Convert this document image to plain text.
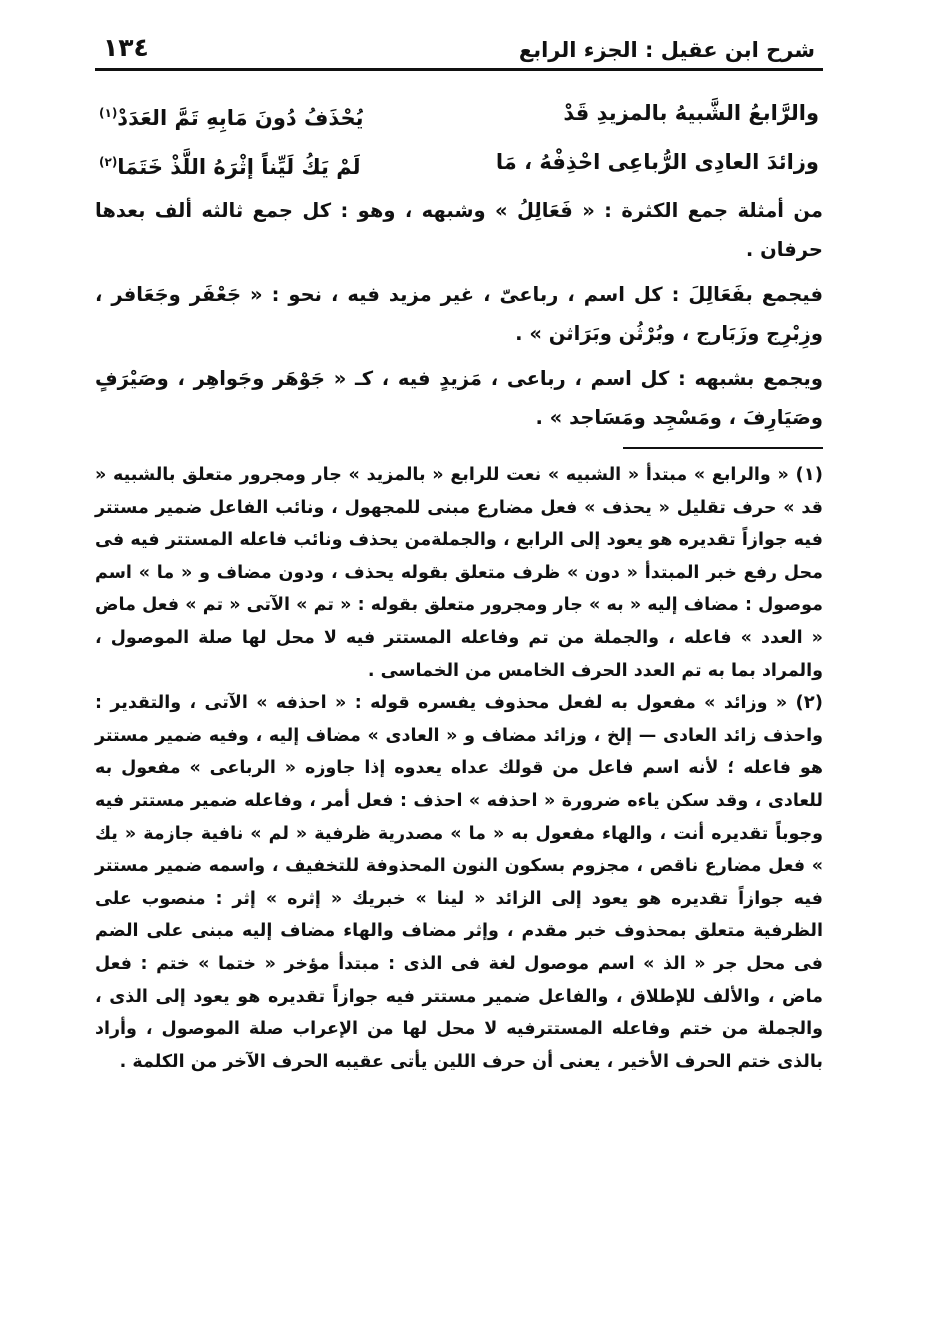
شرح ابن عقيل : الجزء الرابع
١٣٤
والرَّابعُ الشَّبيهُ بالمزيدِ قَدْ
يُحْذَفُ دُونَ مَابِهِ تَمَّ العَدَدْ$^{(١)}$
وزائدَ العادِى الرُّباعِى احْذِفْهُ ، مَا
لَمْ يَكُ لَيِّناً إثْرَهُ اللَّذْ خَتَمَا$^{(٢)}$

من أمثلة جمع الكثرة : « فَعَالِلُ » وشبهه ، وهو : كل جمع ثالثه ألف بعدها حرفان .

فيجمع بفَعَالِلَ : كل اسم ، رباعىّ ، غير مزيد فيه ، نحو : « جَعْفَر وجَعَافر ، وزِبْرِج وزَبَارج ، وبُرْثُن وبَرَاثن » .

ويجمع بشبهه : كل اسم ، رباعى ، مَزيدٍ فيه ، كـ « جَوْهَر وجَواهِر ، وصَيْرَفٍ وصَيَارِفَ ، ومَسْجِد ومَسَاجد » .

(١) « والرابع » مبتدأ « الشبيه » نعت للرابع « بالمزيد » جار ومجرور متعلق بالشبيه « قد » حرف تقليل « يحذف » فعل مضارع مبنى للمجهول ، ونائب الفاعل ضمير مستتر فيه جوازاً تقديره هو يعود إلى الرابع ، والجملةمن يحذف ونائب فاعله المستتر فيه فى محل رفع خبر المبتدأ « دون » ظرف متعلق بقوله يحذف ، ودون مضاف و « ما » اسم موصول : مضاف إليه « به » جار ومجرور متعلق بقوله : « تم » الآتى « تم » فعل ماض « العدد » فاعله ، والجملة من تم وفاعله المستتر فيه لا محل لها صلة الموصول ، والمراد بما به تم العدد الحرف الخامس من الخماسى .

(٢) « وزائد » مفعول به لفعل محذوف يفسره قوله : « احذفه » الآتى ، والتقدير : واحذف زائد العادى — إلخ ، وزائد مضاف و « العادى » مضاف إليه ، وفيه ضمير مستتر هو فاعله ؛ لأنه اسم فاعل من قولك عداه يعدوه إذا جاوزه « الرباعى » مفعول به للعادى ، وقد سكن ياءه ضرورة « احذفه » احذف : فعل أمر ، وفاعله ضمير مستتر فيه وجوباً تقديره أنت ، والهاء مفعول به « ما » مصدرية ظرفية « لم » نافية جازمة « يك » فعل مضارع ناقص ، مجزوم بسكون النون المحذوفة للتخفيف ، واسمه ضمير مستتر فيه جوازاً تقديره هو يعود إلى الزائد « لينا » خبريك « إثره » إثر : منصوب على الظرفية متعلق بمحذوف خبر مقدم ، وإثر مضاف والهاء مضاف إليه مبنى على الضم فى محل جر « الذ » اسم موصول لغة فى الذى : مبتدأ مؤخر « ختما » ختم : فعل ماض ، والألف للإطلاق ، والفاعل ضمير مستتر فيه جوازاً تقديره هو يعود إلى الذى ، والجملة من ختم وفاعله المستترفيه لا محل لها من الإعراب صلة الموصول ، وأراد بالذى ختم الحرف الأخير ، يعنى أن حرف اللين يأتى عقيبه الحرف الآخر من الكلمة .
